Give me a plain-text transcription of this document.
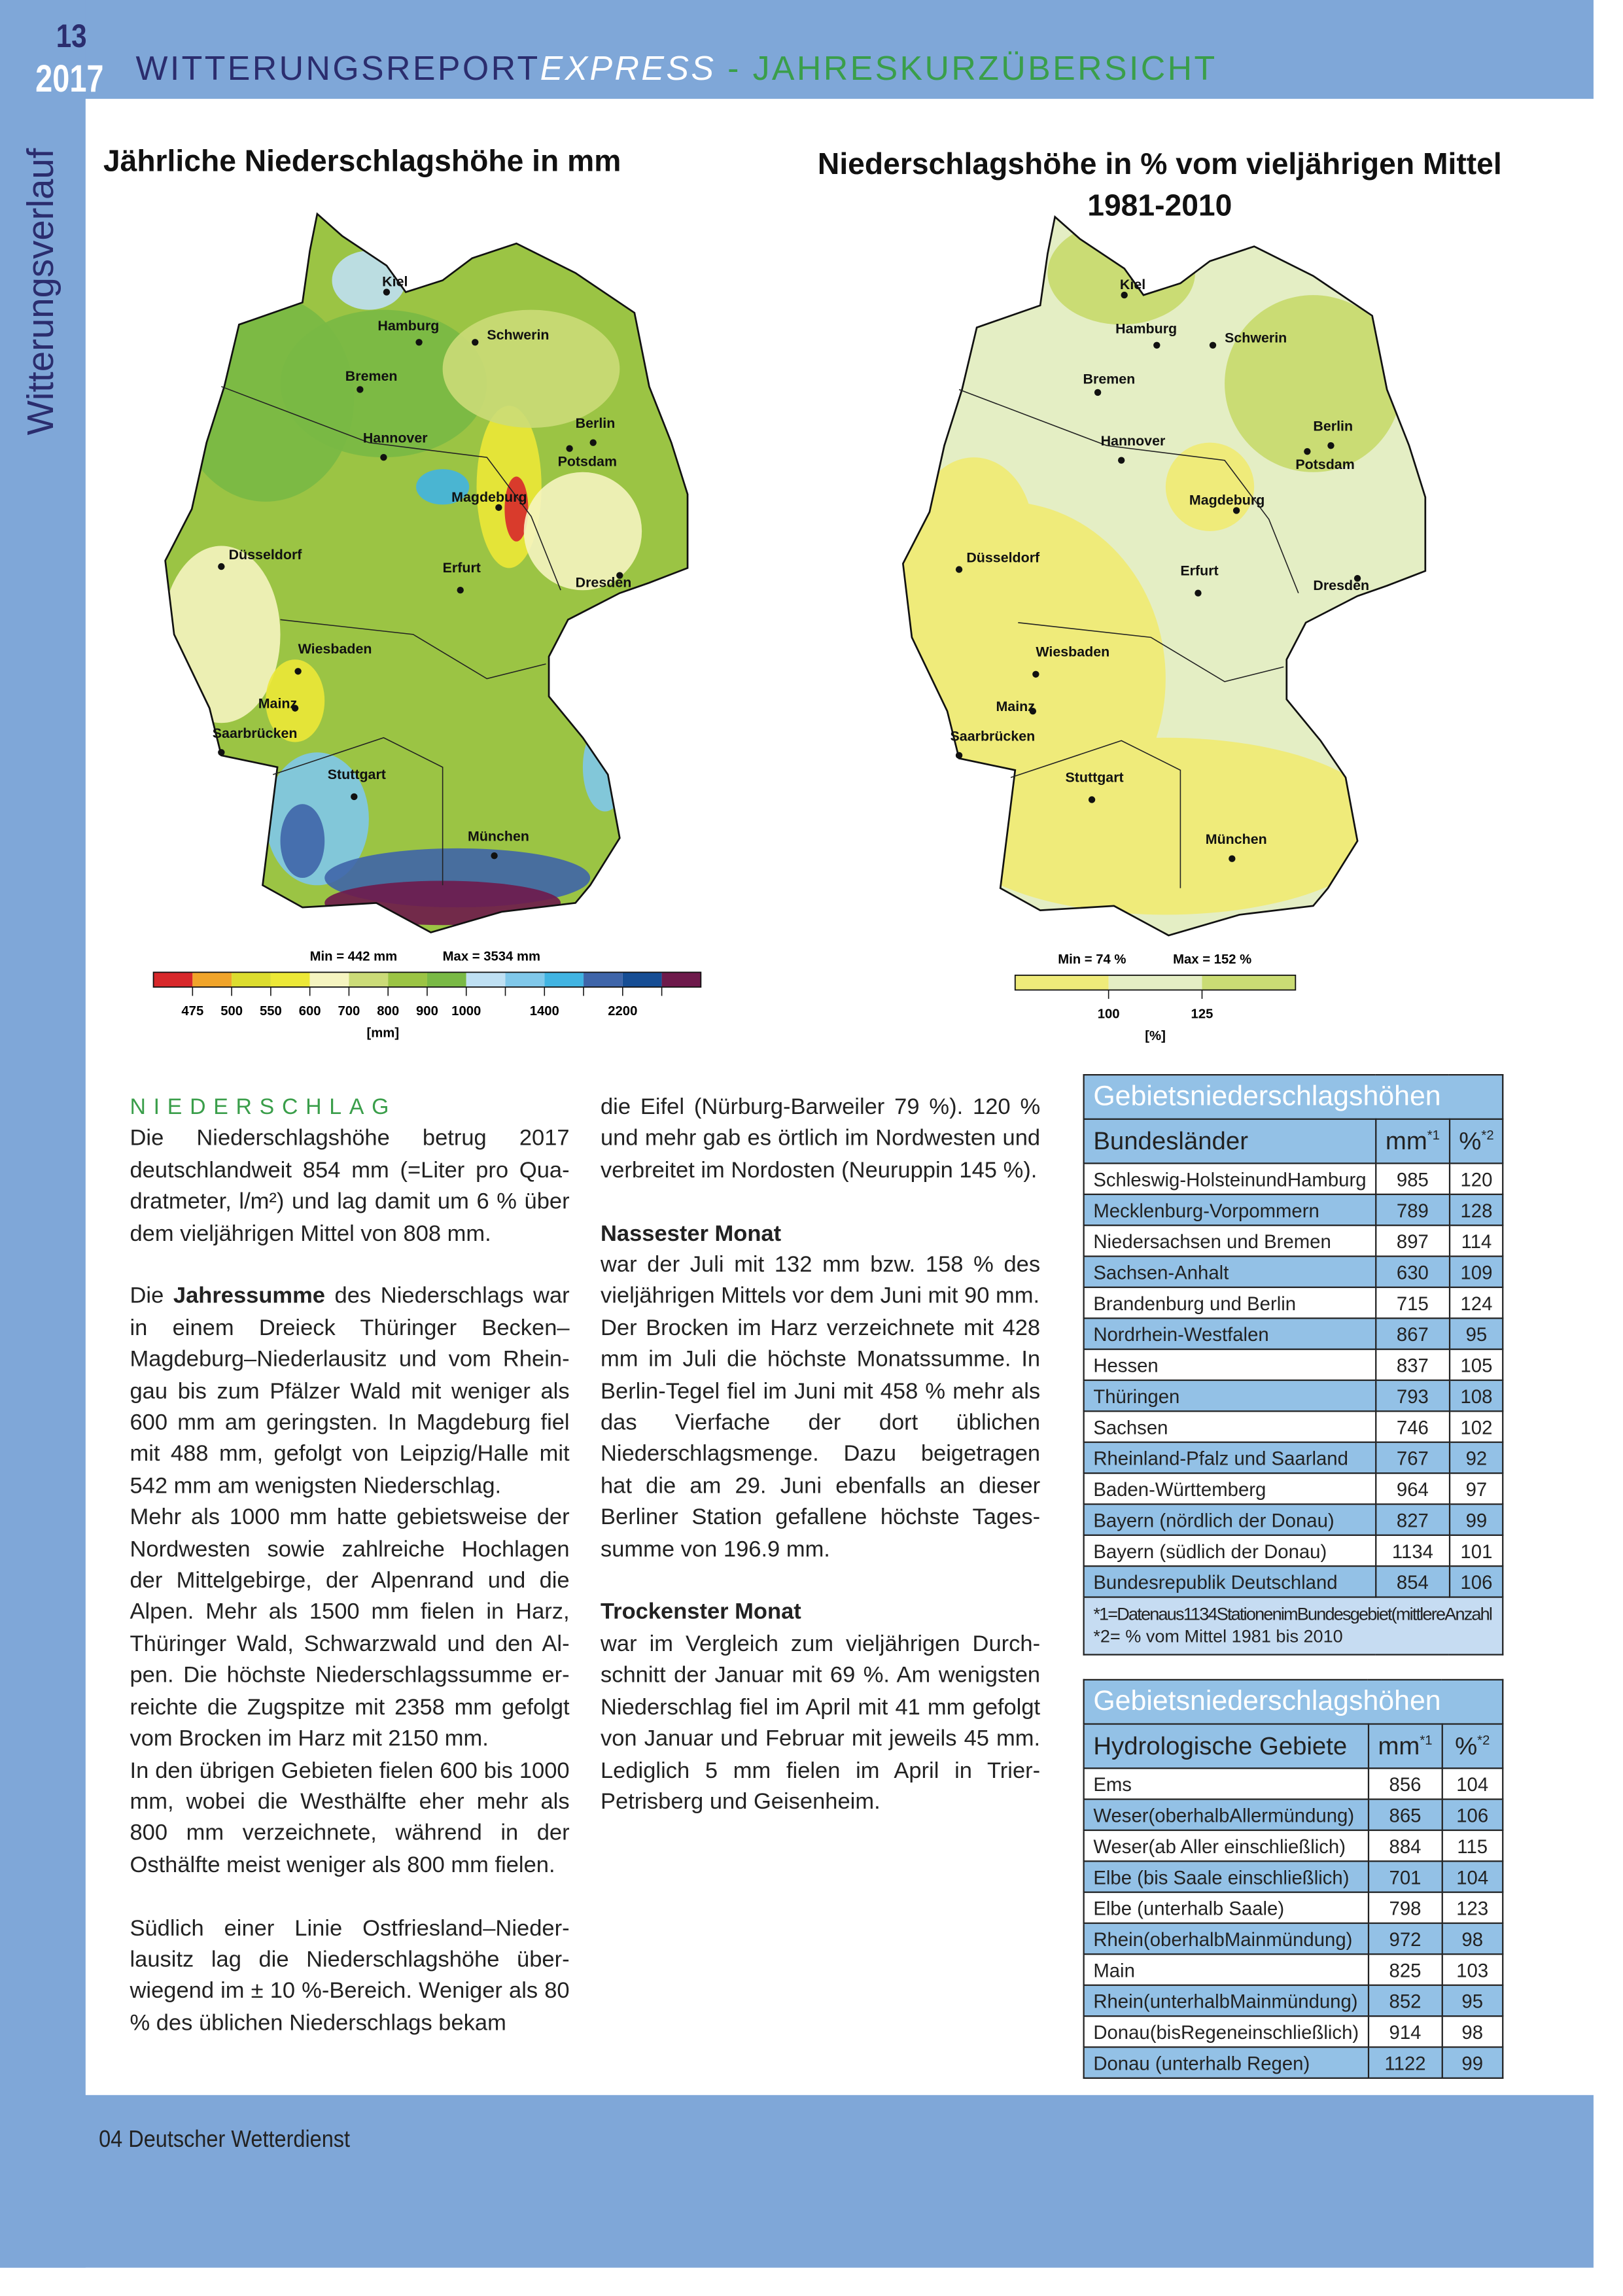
13
2017 WITTERUNGSREPORTEXPRESS - JAHRESKURZÜBERSICHT
Witterungsverlauf	Jährliche Niederschlagshöhe in mm	Niederschlagshöhe in % vom vieljährigen Mittel
1981-2010
Kiel
Hamburg
Schwerin
Bremen
Berlin
Potsdam
Hannover
Magdeburg
Düsseldorf
Erfurt
Dresden
Wiesbaden
Mainz
Saarbrücken
Stuttgart
München
Kiel
Hamburg
Schwerin
Bremen
Berlin
Potsdam
Hannover
Magdeburg
Düsseldorf
Erfurt
Dresden
Wiesbaden
Mainz
Saarbrücken
Stuttgart
München
Min = 442 mm	Max = 3534 mm
475	500	550	600	700	800	900 1000	1400	2200
[mm]
Min = 74 %	Max = 152 %
100	125
[%]
NIEDERSCHLAG

Die Niederschlagshöhe betrug 2017 deutschlandweit 854 mm (=Liter pro Quadratmeter, l/m²) und lag damit um 6 % über dem vieljährigen Mittel von 808 mm.

Die Jahressumme des Niederschlags war in einem Dreieck Thüringer Becken–Magdeburg–Niederlausitz und vom Rheingau bis zum Pfälzer Wald mit weniger als 600 mm am geringsten. In Magdeburg fiel mit 488 mm, gefolgt von Leipzig/Halle mit 542 mm am wenigsten Niederschlag.

Mehr als 1000 mm hatte gebietsweise der Nordwesten sowie zahlreiche Hochlagen der Mittelgebirge, der Alpenrand und die Alpen. Mehr als 1500 mm fielen in Harz, Thüringer Wald, Schwarzwald und den Alpen. Die höchste Niederschlagssumme erreichte die Zugspitze mit 2358 mm gefolgt vom Brocken im Harz mit 2150 mm.

In den übrigen Gebieten fielen 600 bis 1000 mm, wobei die Westhälfte eher mehr als 800 mm verzeichnete, während in der Osthälfte meist weniger als 800 mm fielen.

Südlich einer Linie Ostfriesland–Niederlausitz lag die Niederschlagshöhe überwiegend im ± 10 %-Bereich. Weniger als 80 % des üblichen Niederschlags bekam

die Eifel (Nürburg-Barweiler 79 %). 120 % und mehr gab es örtlich im Nordwesten und verbreitet im Nordosten (Neuruppin 145 %).

Nassester Monat

war der Juli mit 132 mm bzw. 158 % des vieljährigen Mittels vor dem Juni mit 90 mm.

Der Brocken im Harz verzeichnete mit 428 mm im Juli die höchste Monatssumme. In Berlin-Tegel fiel im Juni mit 458 % mehr als das Vierfache der dort üblichen Niederschlagsmenge. Dazu beigetragen hat die am 29. Juni ebenfalls an dieser Berliner Station gefallene höchste Tagessumme von 196.9 mm.

Trockenster Monat

war im Vergleich zum vieljährigen Durchschnitt der Januar mit 69 %. Am wenigsten Niederschlag fiel im April mit 41 mm gefolgt von Januar und Februar mit jeweils 45 mm. Lediglich 5 mm fielen im April in Trier-Petrisberg und Geisenheim.

Gebietsniederschlagshöhen		
Bundesländer	$mm^{*1}$	%$^{*2}$
Schleswig-HolsteinundHamburg	985	120
Mecklenburg-Vorpommern	789	128
Niedersachsen und Bremen	897	114
Sachsen-Anhalt	630	109
Brandenburg und Berlin	715	124
Nordrhein-Westfalen	867	95
Hessen	837	105
Thüringen	793	108
Sachsen	746	102
Rheinland-Pfalz und Saarland	767	92
Baden-Württemberg	964	97
Bayern (nördlich der Donau)	827	99
Bayern (südlich der Donau)	1134	101
Bundesrepublik Deutschland	854	106

*1=Datenaus1134StationenimBundesgebiet(mittlereAnzahl
*2= % vom Mittel 1981 bis 2010		
Gebietsniederschlagshöhen		
Hydrologische Gebiete	$mm^{*1}$	%$^{*2}$
Ems	856	104
Weser(oberhalbAllermündung)	865	106
Weser(ab Aller einschließlich)	884	115
Elbe (bis Saale einschließlich)	701	104
Elbe (unterhalb Saale)	798	123
Rhein(oberhalbMainmündung)	972	98
Main	825	103
Rhein(unterhalbMainmündung)	852	95
Donau(bisRegeneinschließlich)	914	98
Donau (unterhalb Regen)	1122	99
04 Deutscher Wetterdienst
